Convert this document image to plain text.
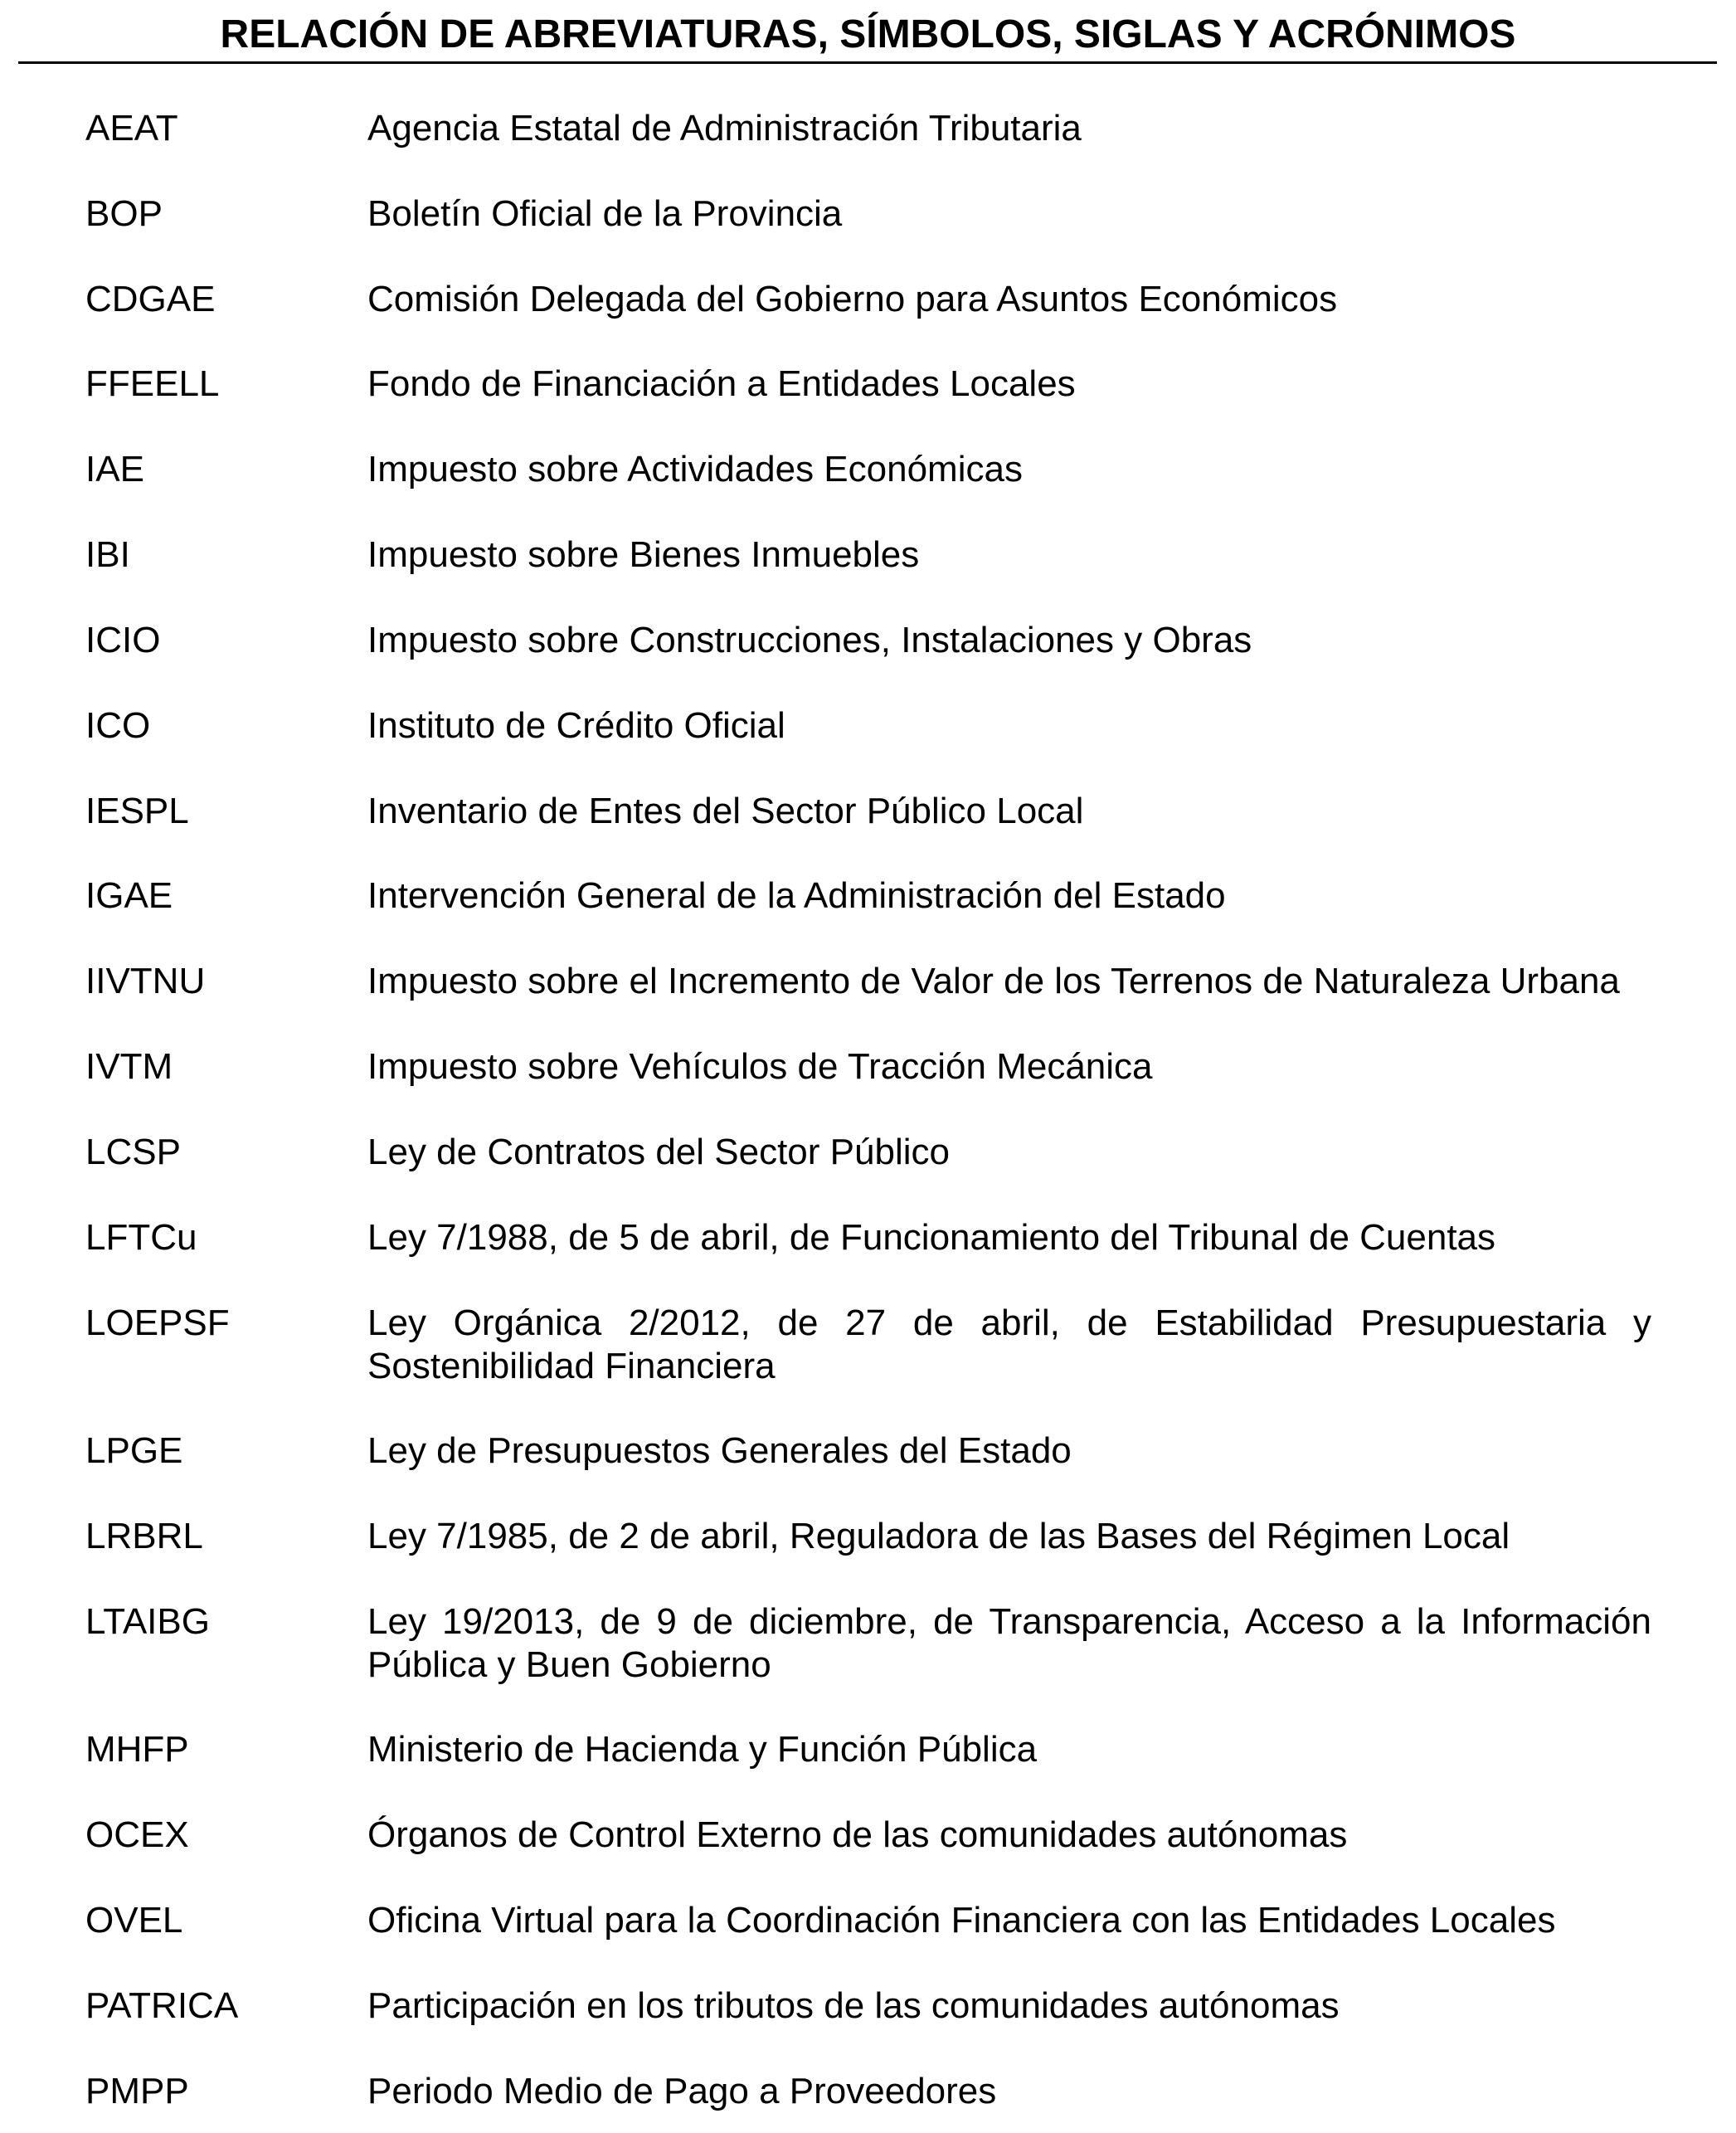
RELACIÓN DE ABREVIATURAS, SÍMBOLOS, SIGLAS Y ACRÓNIMOS
AEAT	Agencia Estatal de Administración Tributaria
BOP	Boletín Oficial de la Provincia
CDGAE	Comisión Delegada del Gobierno para Asuntos Económicos
FFEELL	Fondo de Financiación a Entidades Locales
IAE	Impuesto sobre Actividades Económicas
IBI	Impuesto sobre Bienes Inmuebles
ICIO	Impuesto sobre Construcciones, Instalaciones y Obras
ICO	Instituto de Crédito Oficial
IESPL	Inventario de Entes del Sector Público Local
IGAE	Intervención General de la Administración del Estado
IIVTNU	Impuesto sobre el Incremento de Valor de los Terrenos de Naturaleza Urbana
IVTM	Impuesto sobre Vehículos de Tracción Mecánica
LCSP	Ley de Contratos del Sector Público
LFTCu	Ley 7/1988, de 5 de abril, de Funcionamiento del Tribunal de Cuentas
LOEPSF	Ley Orgánica 2/2012, de 27 de abril, de Estabilidad Presupuestaria y Sostenibilidad Financiera
LPGE	Ley de Presupuestos Generales del Estado
LRBRL	Ley 7/1985, de 2 de abril, Reguladora de las Bases del Régimen Local
LTAIBG	Ley 19/2013, de 9 de diciembre, de Transparencia, Acceso a la Información Pública y Buen Gobierno
MHFP	Ministerio de Hacienda y Función Pública
OCEX	Órganos de Control Externo de las comunidades autónomas
OVEL	Oficina Virtual para la Coordinación Financiera con las Entidades Locales
PATRICA	Participación en los tributos de las comunidades autónomas
PMPP	Periodo Medio de Pago a Proveedores
